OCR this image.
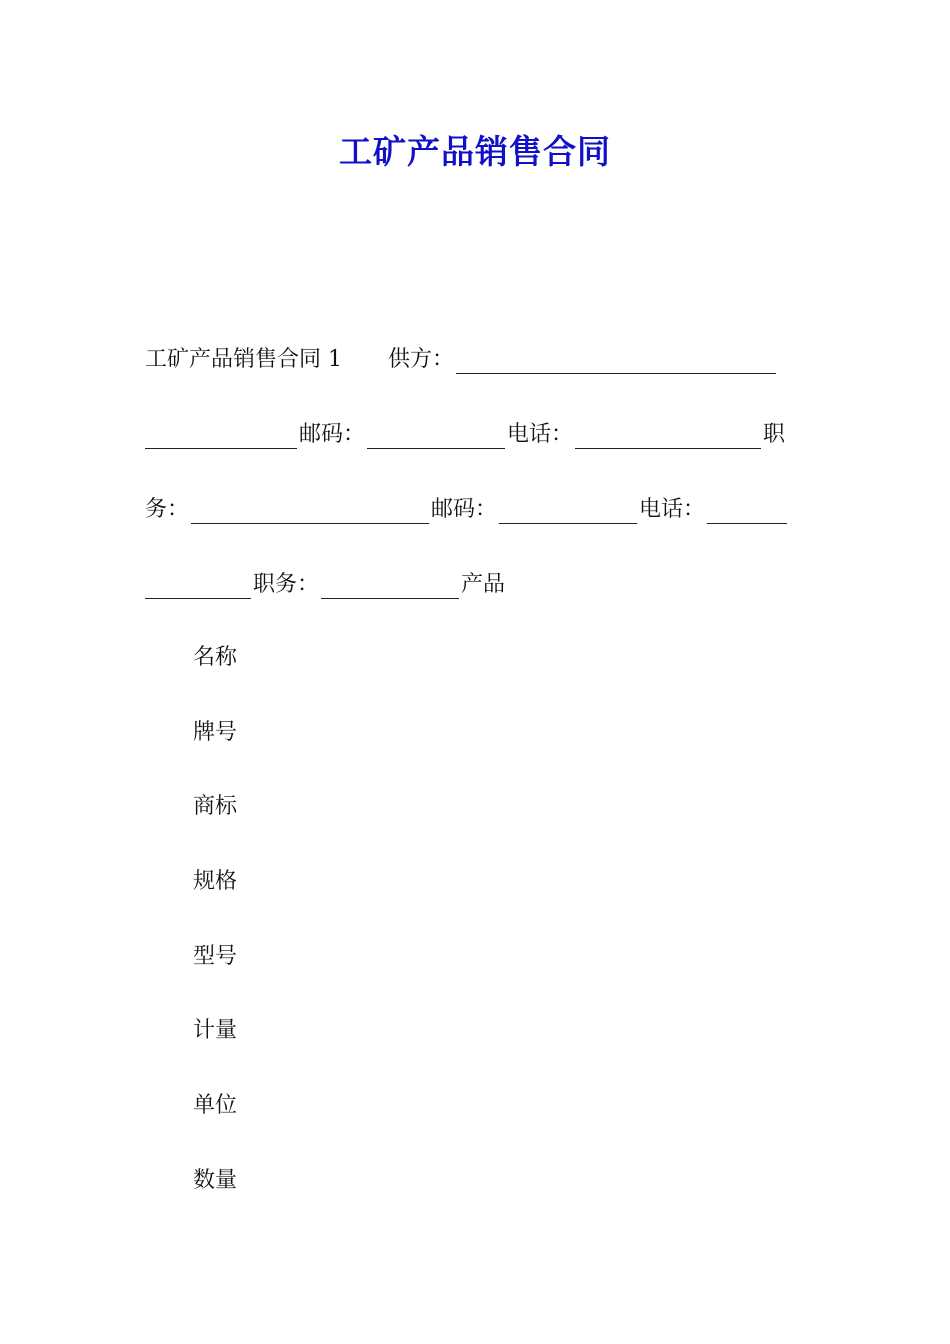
工矿产品销售合同
工矿产品销售合同 1 供方：
邮码：	电话：	职
务：	邮码：	电话：
职务：	产品
名称
牌号
商标
规格
型号
计量
单位
数量
